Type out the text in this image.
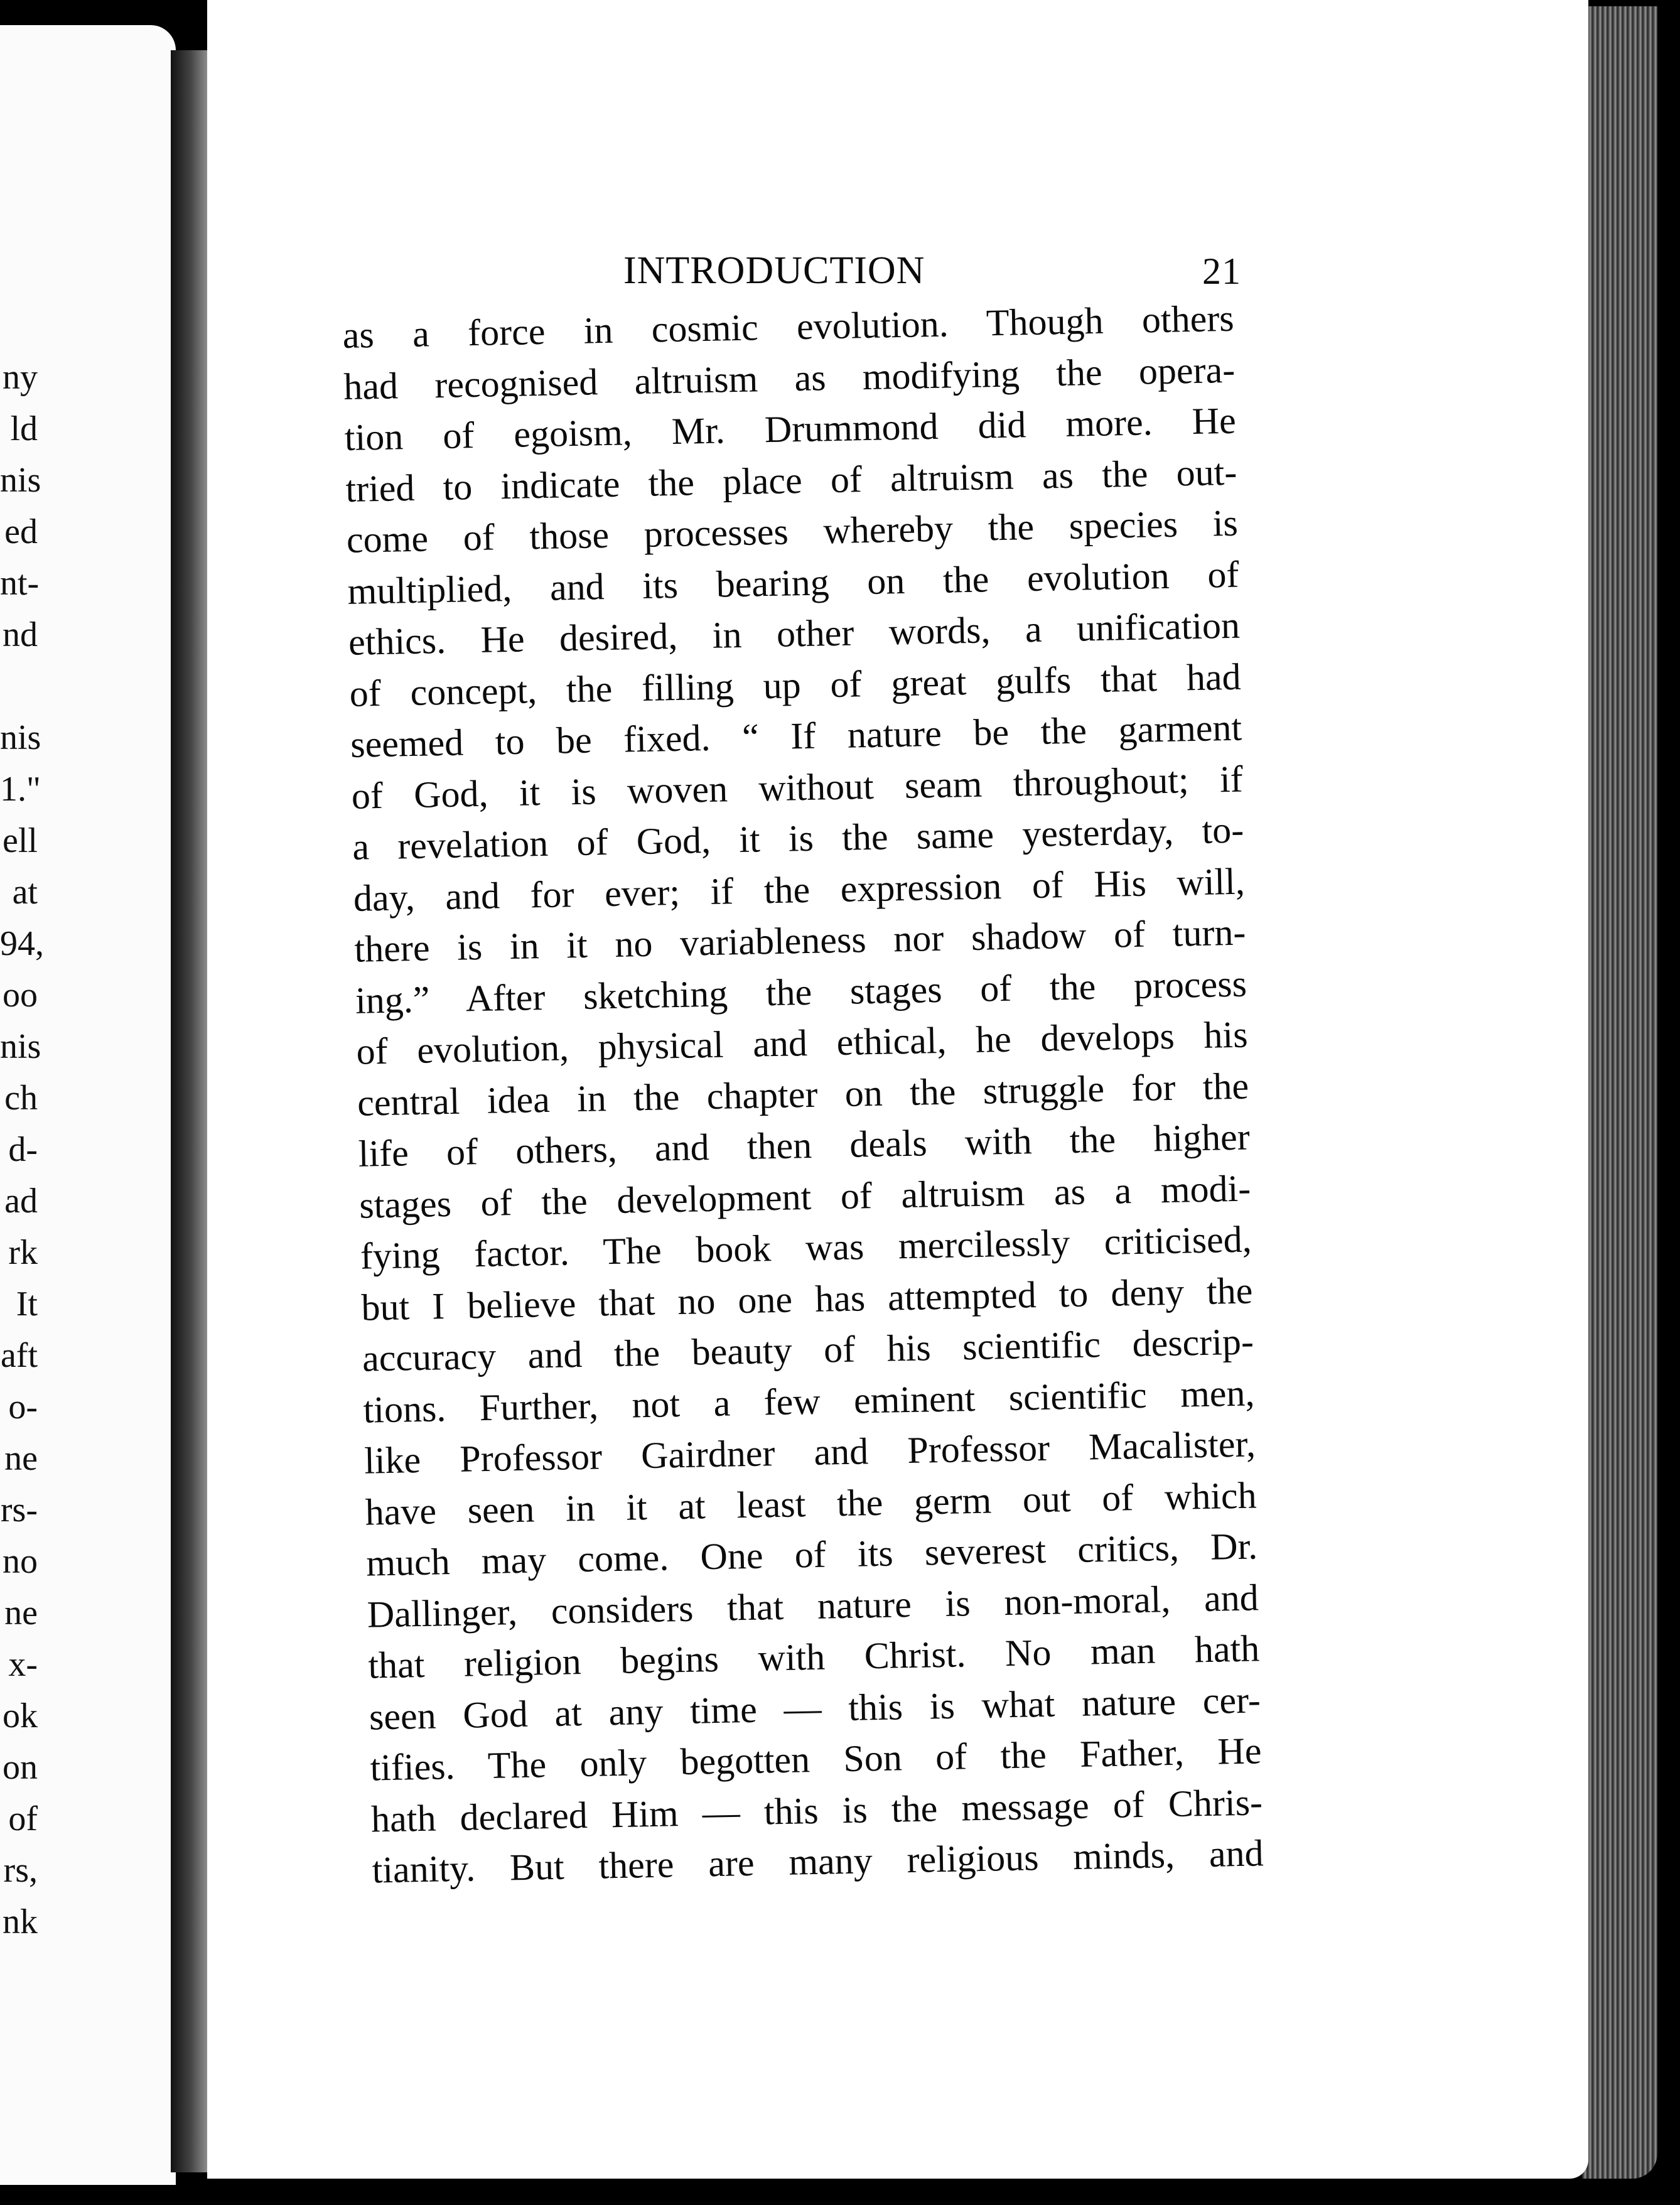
ny
ld
nis
ed
nt-
nd
nis
1."
ell
at
94,
oo
nis
ch
d-
ad
rk
It
aft
o-
ne
rs-
no
ne
x-
ok
on
of
rs,
nk
INTRODUCTION	21
as a force in cosmic evolution. Though others
had recognised altruism as modifying the opera-
tion of egoism, Mr. Drummond did more. He
tried to indicate the place of altruism as the out-
come of those processes whereby the species is
multiplied, and its bearing on the evolution of
ethics. He desired, in other words, a unification
of concept, the filling up of great gulfs that had
seemed to be fixed. “ If nature be the garment
of God, it is woven without seam throughout; if
a revelation of God, it is the same yesterday, to-
day, and for ever; if the expression of His will,
there is in it no variableness nor shadow of turn-
ing.” After sketching the stages of the process
of evolution, physical and ethical, he develops his
central idea in the chapter on the struggle for the
life of others, and then deals with the higher
stages of the development of altruism as a modi-
fying factor. The book was mercilessly criticised,
but I believe that no one has attempted to deny the
accuracy and the beauty of his scientific descrip-
tions. Further, not a few eminent scientific men,
like Professor Gairdner and Professor Macalister,
have seen in it at least the germ out of which
much may come. One of its severest critics, Dr.
Dallinger, considers that nature is non-moral, and
that religion begins with Christ. No man hath
seen God at any time — this is what nature cer-
tifies. The only begotten Son of the Father, He
hath declared Him — this is the message of Chris-
tianity. But there are many religious minds, and
